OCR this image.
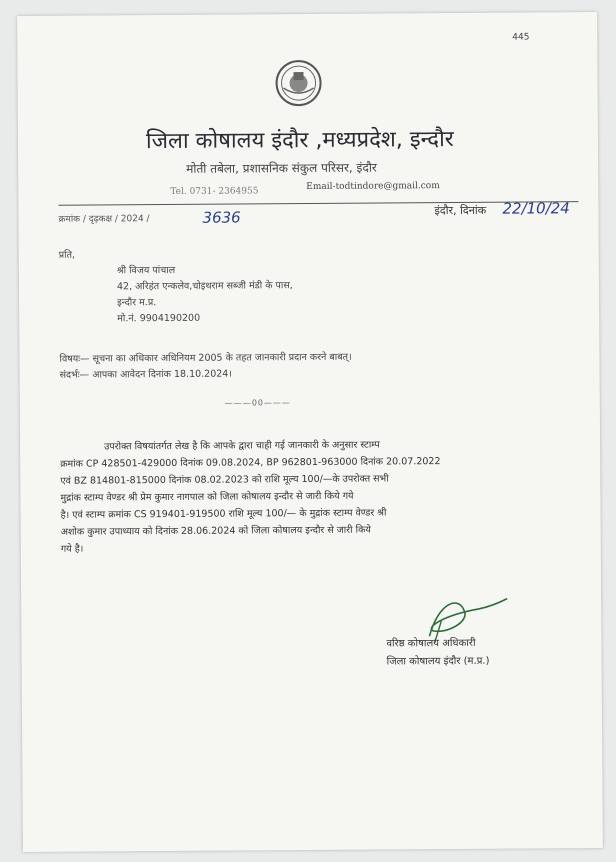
445
जिला कोषालय इंदौर ,मध्यप्रदेश, इन्दौर
मोती तबेला, प्रशासनिक संकुल परिसर, इंदौर
Tel. 0731- 2364955	Email-todtindore@gmail.com
क्रमांक / दृढ़कक्ष / 2024 /	3636	इंदौर, दिनांक 22/10/24
प्रति,
श्री विजय पांचाल
42, अरिहंत एन्कलेव,चोइथराम सब्जी मंडी के पास,
इन्दौर म.प्र.
मो.नं. 9904190200
विषयः— सूचना का अधिकार अधिनियम 2005 के तहत जानकारी प्रदान करने बाबत्।
संदर्भः— आपका आवेदन दिनांक 18.10.2024।
———00———
उपरोक्त विषयांतर्गत लेख है कि आपके द्वारा चाही गई जानकारी के अनुसार स्टाम्प
क्रमांक CP 428501-429000 दिनांक 09.08.2024, BP 962801-963000 दिनांक 20.07.2022
एवं BZ 814801-815000 दिनांक 08.02.2023 को राशि मूल्य 100/—के उपरोक्त सभी
मुद्रांक स्टाम्प वेण्डर श्री प्रेम कुमार नागपाल को जिला कोषालय इन्दौर से जारी किये गये
है। एवं स्टाम्प क्रमांक CS 919401-919500 राशि मूल्य 100/— के मुद्रांक स्टाम्प वेण्डर श्री
अशोक कुमार उपाध्याय को दिनांक 28.06.2024 को जिला कोषालय इन्दौर से जारी किये
गये है।
वरिष्ठ कोषालय अधिकारी
जिला कोषालय इंदौर (म.प्र.)
